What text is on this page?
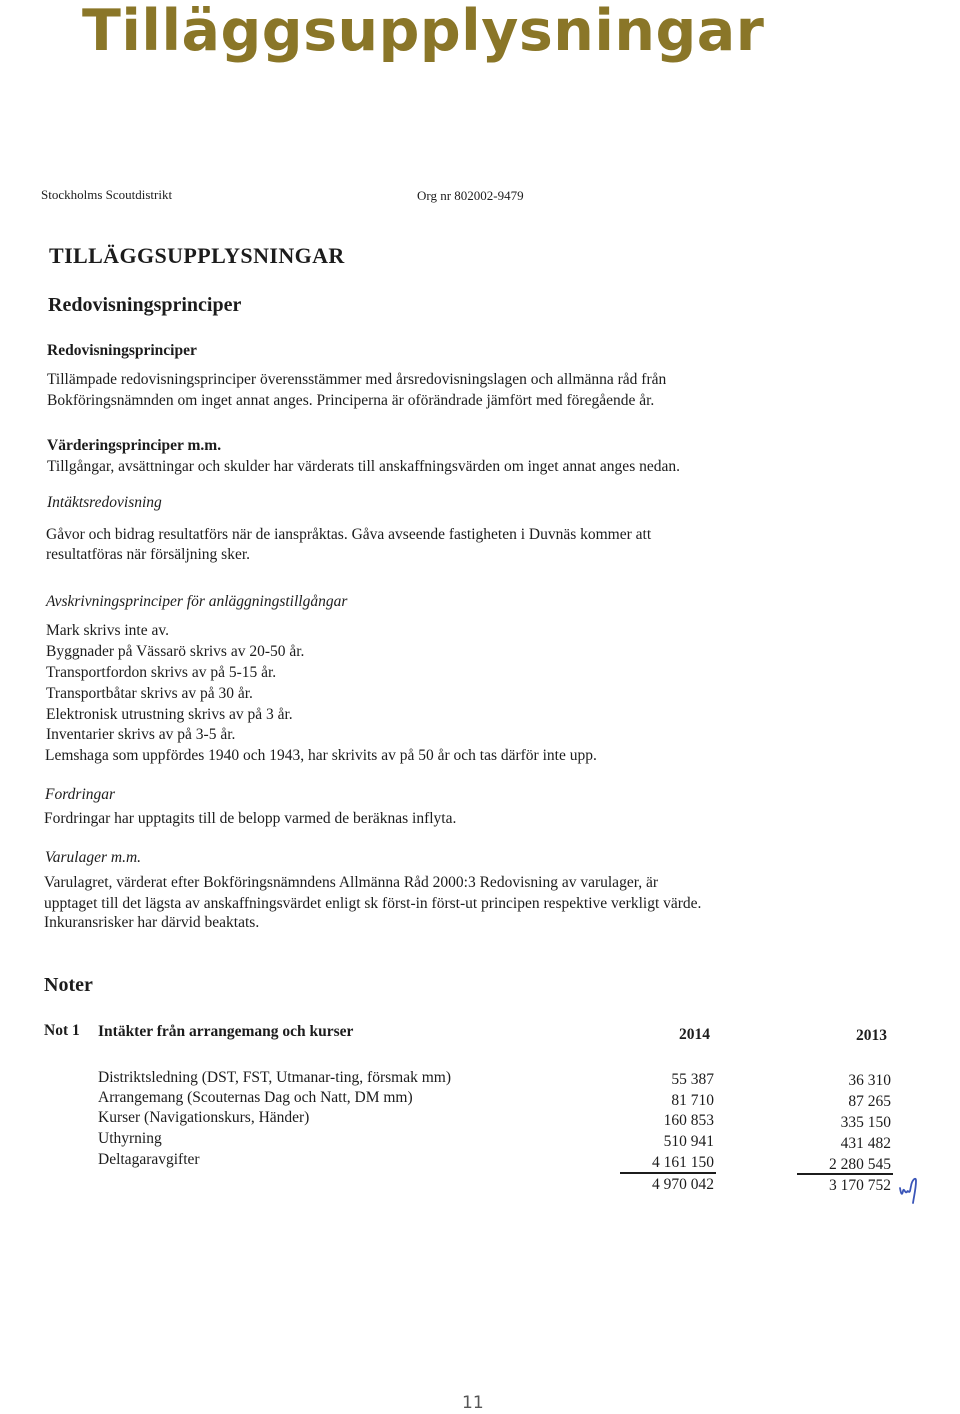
Tilläggsupplysningar
Stockholms Scoutdistrikt	Org nr 802002-9479
TILLÄGGSUPPLYSNINGAR
Redovisningsprinciper
Redovisningsprinciper
Tillämpade redovisningsprinciper överensstämmer med årsredovisningslagen och allmänna råd från
Bokföringsnämnden om inget annat anges. Principerna är oförändrade jämfört med föregående år.
Värderingsprinciper m.m.
Tillgångar, avsättningar och skulder har värderats till anskaffningsvärden om inget annat anges nedan.
Intäktsredovisning
Gåvor och bidrag resultatförs när de ianspråktas. Gåva avseende fastigheten i Duvnäs kommer att
resultatföras när försäljning sker.
Avskrivningsprinciper för anläggningstillgångar
Mark skrivs inte av.
Byggnader på Vässarö skrivs av 20-50 år.
Transportfordon skrivs av på 5-15 år.
Transportbåtar skrivs av på 30 år.
Elektronisk utrustning skrivs av på 3 år.
Inventarier skrivs av på 3-5 år.
Lemshaga som uppfördes 1940 och 1943, har skrivits av på 50 år och tas därför inte upp.
Fordringar
Fordringar har upptagits till de belopp varmed de beräknas inflyta.
Varulager m.m.
Varulagret, värderat efter Bokföringsnämndens Allmänna Råd 2000:3 Redovisning av varulager, är
upptaget till det lägsta av anskaffningsvärdet enligt sk först-in först-ut principen respektive verkligt värde.
Inkuransrisker har därvid beaktats.
Noter
Not 1 Intäkter från arrangemang och kurser	2014	2013
Distriktsledning (DST, FST, Utmanar-ting, försmak mm)	55 387	36 310
Arrangemang (Scouternas Dag och Natt, DM mm)	81 710	87 265
Kurser (Navigationskurs, Händer)	160 853	335 150
Uthyrning	510 941	431 482
Deltagaravgifter	4 161 150	2 280 545
4 970 042	3 170 752
11
